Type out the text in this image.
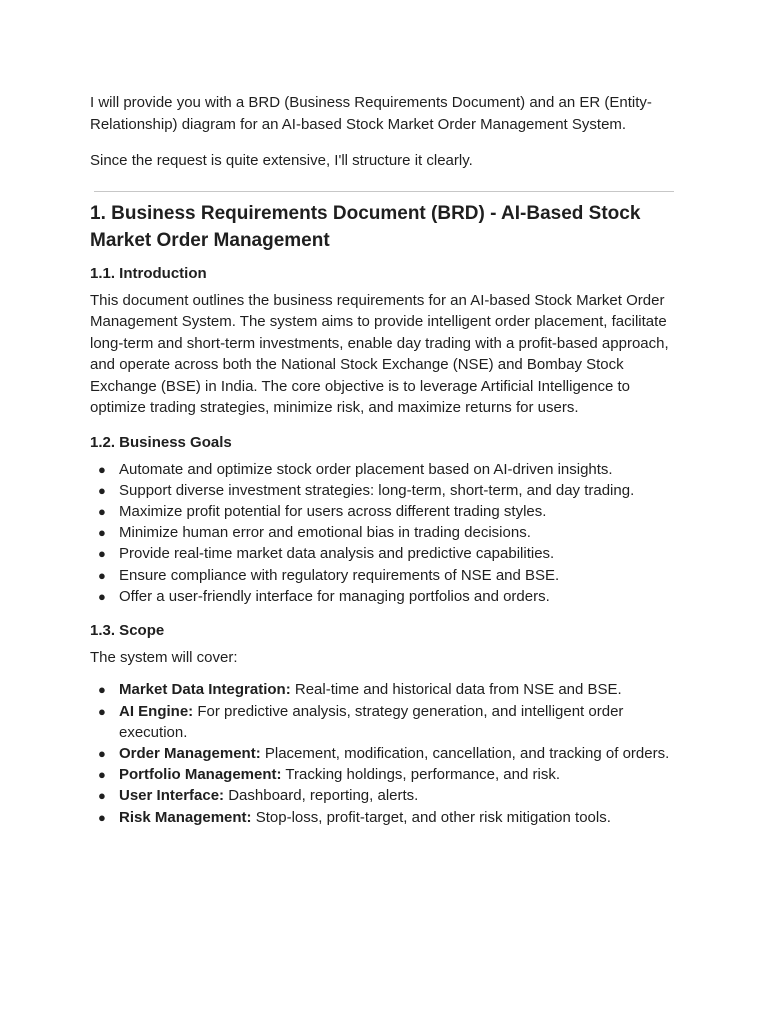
I will provide you with a BRD (Business Requirements Document) and an ER (Entity-Relationship) diagram for an AI-based Stock Market Order Management System.

Since the request is quite extensive, I'll structure it clearly.

1. Business Requirements Document (BRD) - AI-Based Stock Market Order Management
1.1. Introduction

This document outlines the business requirements for an AI-based Stock Market Order Management System. The system aims to provide intelligent order placement, facilitate long-term and short-term investments, enable day trading with a profit-based approach, and operate across both the National Stock Exchange (NSE) and Bombay Stock Exchange (BSE) in India. The core objective is to leverage Artificial Intelligence to optimize trading strategies, minimize risk, and maximize returns for users.

1.2. Business Goals
● Automate and optimize stock order placement based on AI-driven insights.
● Support diverse investment strategies: long-term, short-term, and day trading.
● Maximize profit potential for users across different trading styles.
● Minimize human error and emotional bias in trading decisions.
● Provide real-time market data analysis and predictive capabilities.
● Ensure compliance with regulatory requirements of NSE and BSE.
● Offer a user-friendly interface for managing portfolios and orders.
1.3. Scope

The system will cover:

● Market Data Integration: Real-time and historical data from NSE and BSE.
● AI Engine: For predictive analysis, strategy generation, and intelligent order execution.
● Order Management: Placement, modification, cancellation, and tracking of orders.
● Portfolio Management: Tracking holdings, performance, and risk.
● User Interface: Dashboard, reporting, alerts.
● Risk Management: Stop-loss, profit-target, and other risk mitigation tools.
